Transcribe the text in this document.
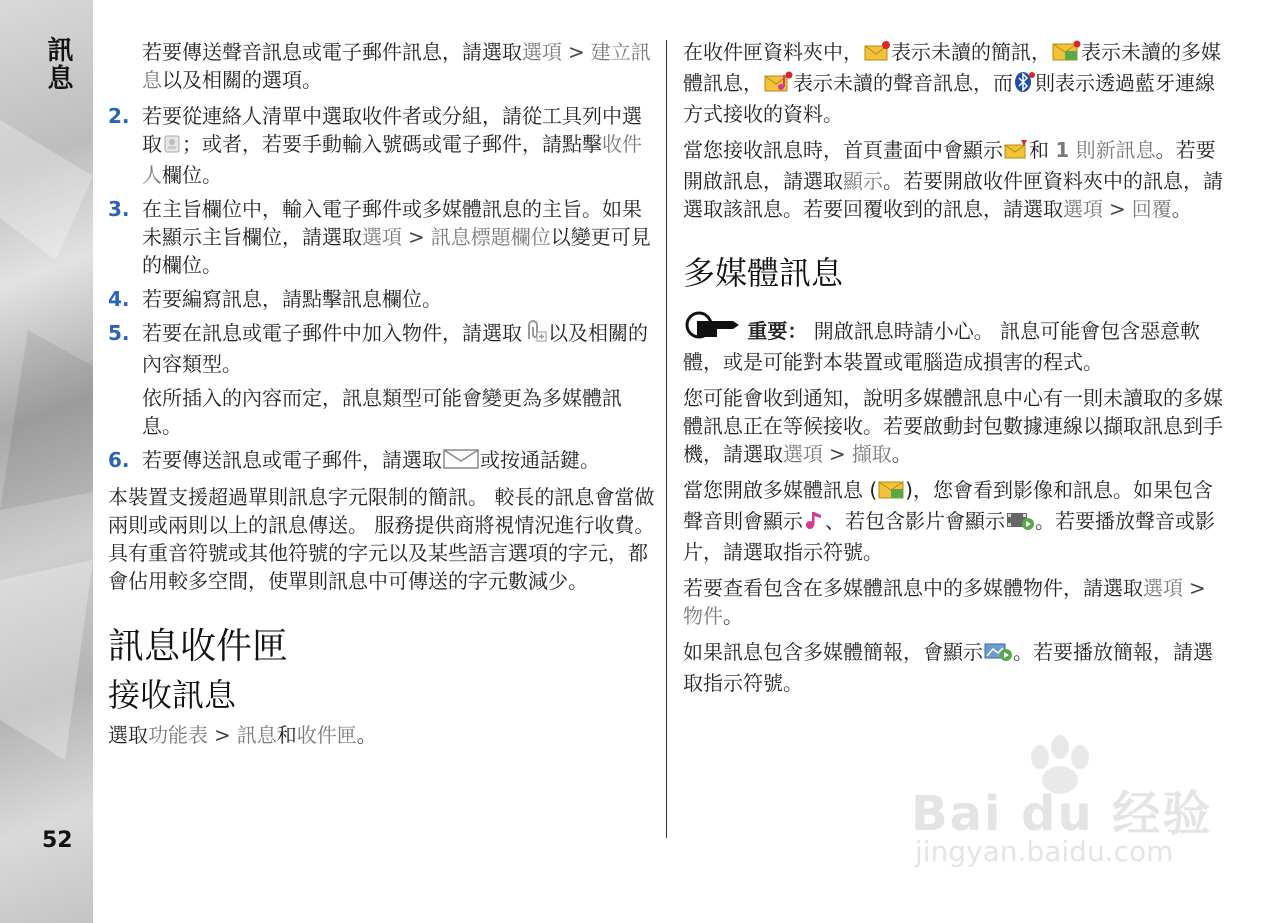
訊息
52

若要傳送聲音訊息或電子郵件訊息，請選取選項 > 建立訊息以及相關的選項。

2. 若要從連絡人清單中選取收件者或分組，請從工具列中選取 ；或者，若要手動輸入號碼或電子郵件，請點擊收件人欄位。
3. 在主旨欄位中，輸入電子郵件或多媒體訊息的主旨。如果未顯示主旨欄位，請選取選項 > 訊息標題欄位以變更可見的欄位。
4. 若要編寫訊息，請點擊訊息欄位。
5. 若要在訊息或電子郵件中加入物件，請選取 以及相關的內容類型。
依所插入的內容而定，訊息類型可能會變更為多媒體訊息。
6. 若要傳送訊息或電子郵件，請選取 或按通話鍵。

本裝置支援超過單則訊息字元限制的簡訊。 較長的訊息會當做兩則或兩則以上的訊息傳送。 服務提供商將視情況進行收費。 具有重音符號或其他符號的字元以及某些語言選項的字元，都會佔用較多空間，使單則訊息中可傳送的字元數減少。

訊息收件匣
接收訊息

選取功能表 > 訊息和收件匣。

在收件匣資料夾中， 表示未讀的簡訊， 表示未讀的多媒體訊息， 表示未讀的聲音訊息，而 則表示透過藍牙連線方式接收的資料。

當您接收訊息時，首頁畫面中會顯示 和 1 則新訊息。若要開啟訊息，請選取顯示。若要開啟收件匣資料夾中的訊息，請選取該訊息。若要回覆收到的訊息，請選取選項 > 回覆。

多媒體訊息

重要： 開啟訊息時請小心。 訊息可能會包含惡意軟體，或是可能對本裝置或電腦造成損害的程式。

您可能會收到通知，說明多媒體訊息中心有一則未讀取的多媒體訊息正在等候接收。若要啟動封包數據連線以擷取訊息到手機，請選取選項 > 擷取。

當您開啟多媒體訊息 ( )，您會看到影像和訊息。如果包含聲音則會顯示 、若包含影片會顯示 。若要播放聲音或影片，請選取指示符號。

若要查看包含在多媒體訊息中的多媒體物件，請選取選項 >物件。

如果訊息包含多媒體簡報，會顯示 。若要播放簡報，請選取指示符號。

Bai du 经验
jingyan.baidu.com
